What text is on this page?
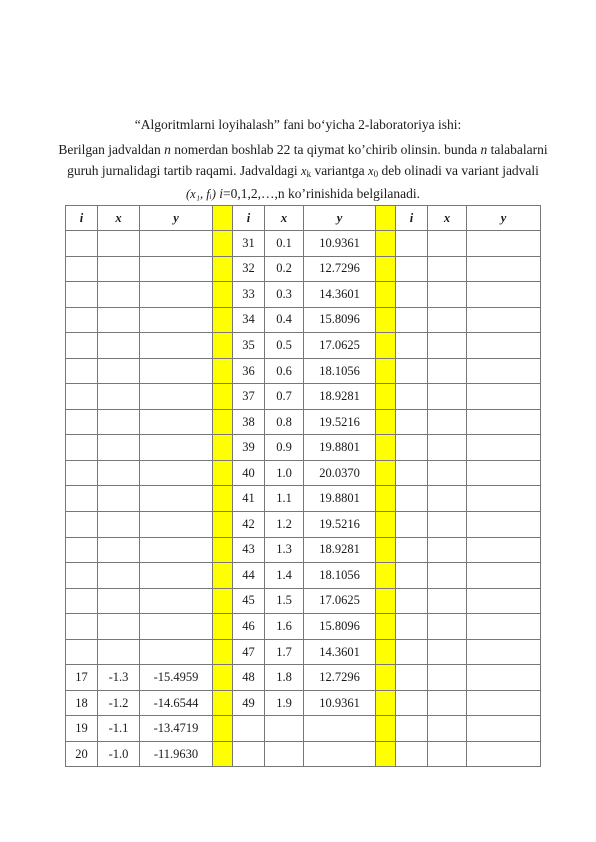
“Algoritmlarni loyihalash” fani bo‘yicha 2-laboratoriya ishi:
Berilgan jadvaldan n nomerdan boshlab 22 ta qiymat ko’chirib olinsin. bunda n talabalarni guruh jurnalidagi tartib raqami. Jadvaldagi $x_k$ variantga $x_0$ deb olinadi va variant jadvali (x₁, fᵢ) i=0,1,2,…,n ko’rinishida belgilanadi.
i	x	y		i	x	y		i	x	y
				31	0.1	10.9361				
				32	0.2	12.7296				
				33	0.3	14.3601				
				34	0.4	15.8096				
				35	0.5	17.0625				
				36	0.6	18.1056				
				37	0.7	18.9281				
				38	0.8	19.5216				
				39	0.9	19.8801				
				40	1.0	20.0370				
				41	1.1	19.8801				
				42	1.2	19.5216				
				43	1.3	18.9281				
				44	1.4	18.1056				
				45	1.5	17.0625				
				46	1.6	15.8096				
				47	1.7	14.3601				
17	-1.3	-15.4959		48	1.8	12.7296				
18	-1.2	-14.6544		49	1.9	10.9361				
19	-1.1	-13.4719								
20	-1.0	-11.9630								
